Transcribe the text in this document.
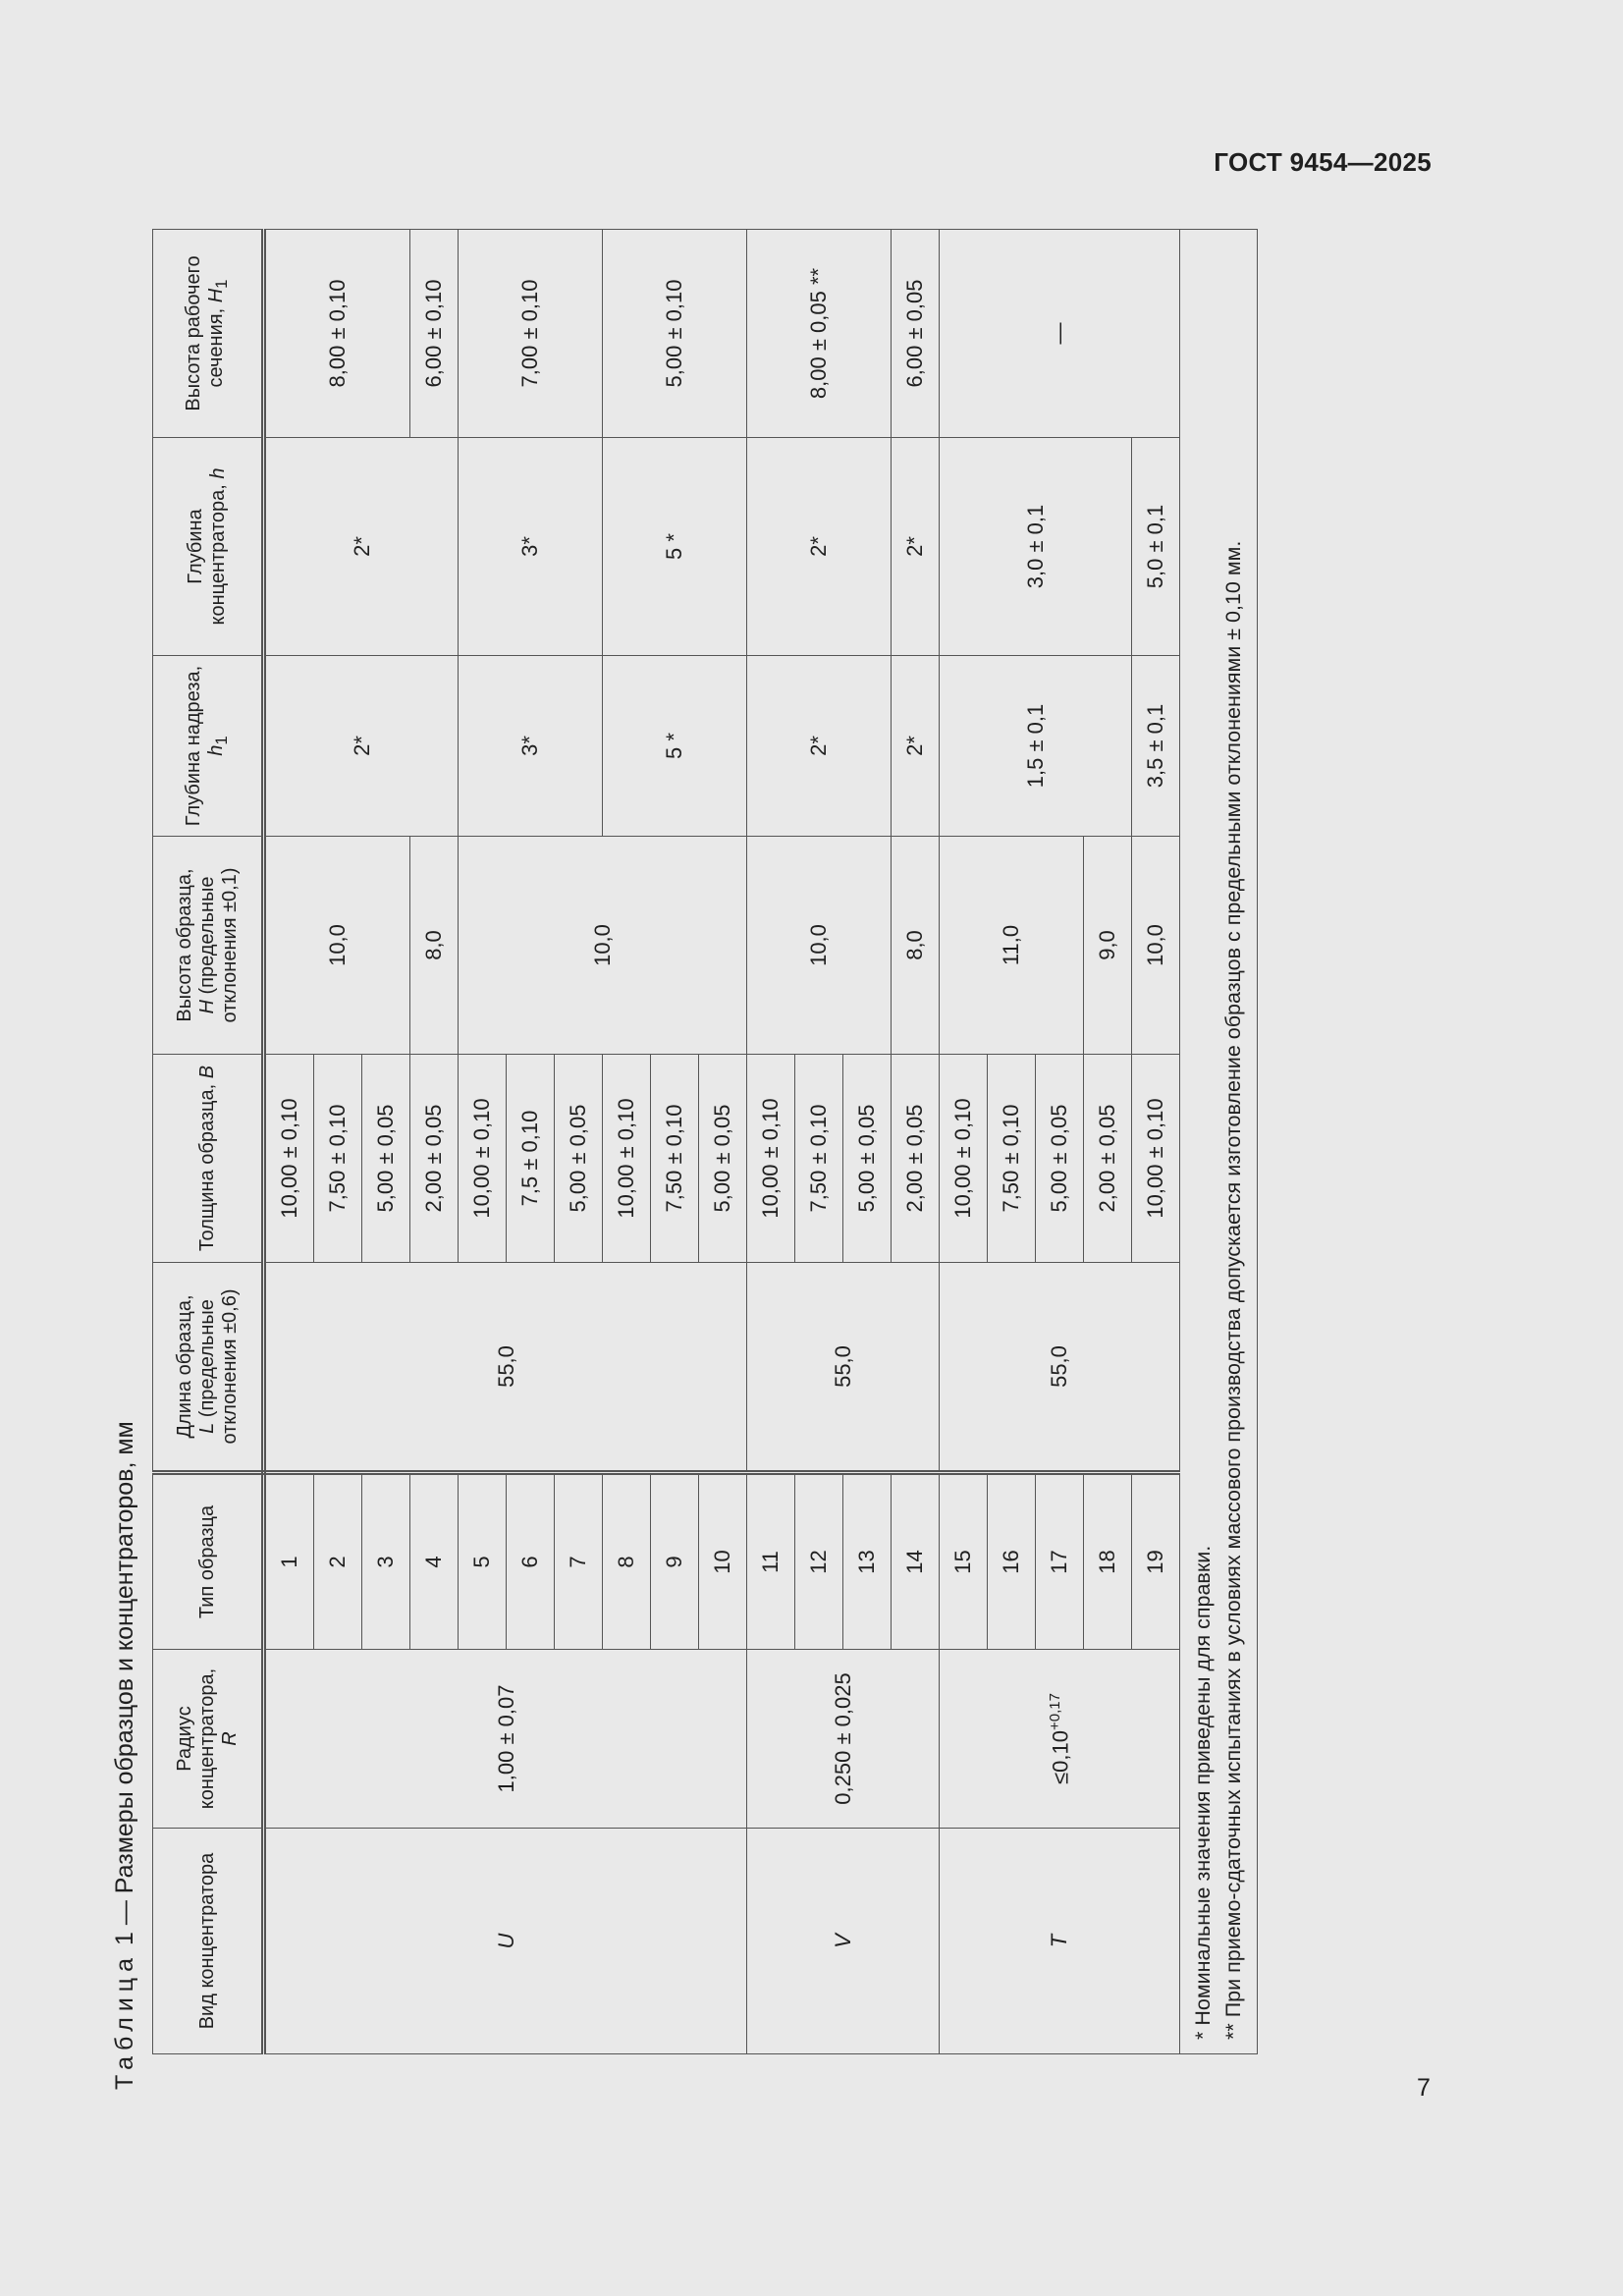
ГОСТ 9454—2025
Таблица 1 — Размеры образцов и концентраторов, мм	Вид концентратора	Радиус концентратора,
R	Тип образца	Длина образца,
L (предельные отклонения ±0,6)	Толщина образца, B	Высота образца,
H (предельные отклонения ±0,1)	Глубина надреза, $h_1$	Глубина концентратора, h	Высота рабочего сечения, $H_1$
U	1,00 ± 0,07	1	55,0	10,00 ± 0,10	10,0	2*	2*	8,00 ± 0,10
		2		7,50 ± 0,10				
		3		5,00 ± 0,05				
		4		2,00 ± 0,05	8,0			6,00 ± 0,10
		5		10,00 ± 0,10	10,0	3*	3*	7,00 ± 0,10
		6		7,5 ± 0,10				
		7		5,00 ± 0,05				
		8		10,00 ± 0,10		5 *	5 *	5,00 ± 0,10
		9		7,50 ± 0,10				
		10		5,00 ± 0,05				
V	0,250 ± 0,025	11	55,0	10,00 ± 0,10	10,0	2*	2*	8,00 ± 0,05 **
		12		7,50 ± 0,10				
		13		5,00 ± 0,05				
		14		2,00 ± 0,05	8,0	2*	2*	6,00 ± 0,05
T	$\le 0,10^{+0,17}$	15	55,0	10,00 ± 0,10	11,0	1,5 ± 0,1	3,0 ± 0,1	—
		16		7,50 ± 0,10				
		17		5,00 ± 0,05				
		18		2,00 ± 0,05	9,0			
		19		10,00 ± 0,10	10,0	3,5 ± 0,1	5,0 ± 0,1	

* Номинальные значения приведены для справки. ** При приемо-сдаточных испытаниях в условиях массового производства допускается изготовление образцов с предельными отклонениями ± 0,10 мм.								
7
